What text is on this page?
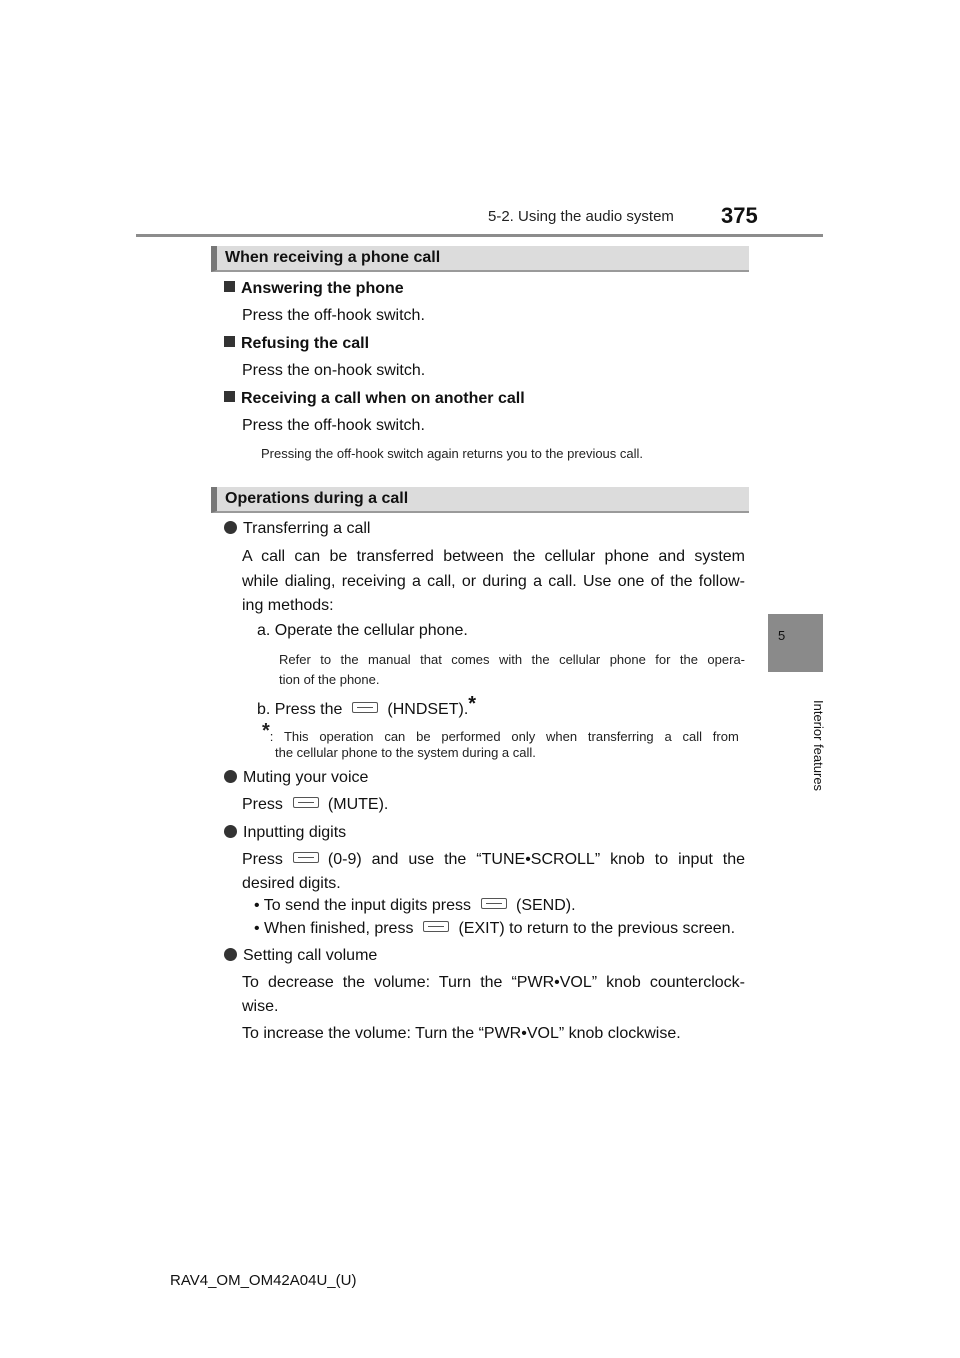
5-2. Using the audio system 375
5
Interior features
When receiving a phone call
Answering the phone
Press the off-hook switch.
Refusing the call
Press the on-hook switch.
Receiving a call when on another call
Press the off-hook switch.
Pressing the off-hook switch again returns you to the previous call.
Operations during a call
Transferring a call
A call can be transferred between the cellular phone and system
while dialing, receiving a call, or during a call. Use one of the follow-
ing methods:
a. Operate the cellular phone.
Refer to the manual that comes with the cellular phone for the opera-
tion of the phone.
b. Press the	(HNDSET).*
*: This operation can be performed only when transferring a call from
the cellular phone to the system during a call.
Muting your voice
Press	(MUTE).
Inputting digits
Press	(0-9) and use the “TUNE•SCROLL” knob to input the
desired digits.
• To send the input digits press	(SEND).
• When finished, press	(EXIT) to return to the previous screen.
Setting call volume
To decrease the volume: Turn the “PWR•VOL” knob counterclock-
wise.
To increase the volume: Turn the “PWR•VOL” knob clockwise.
RAV4_OM_OM42A04U_(U)
